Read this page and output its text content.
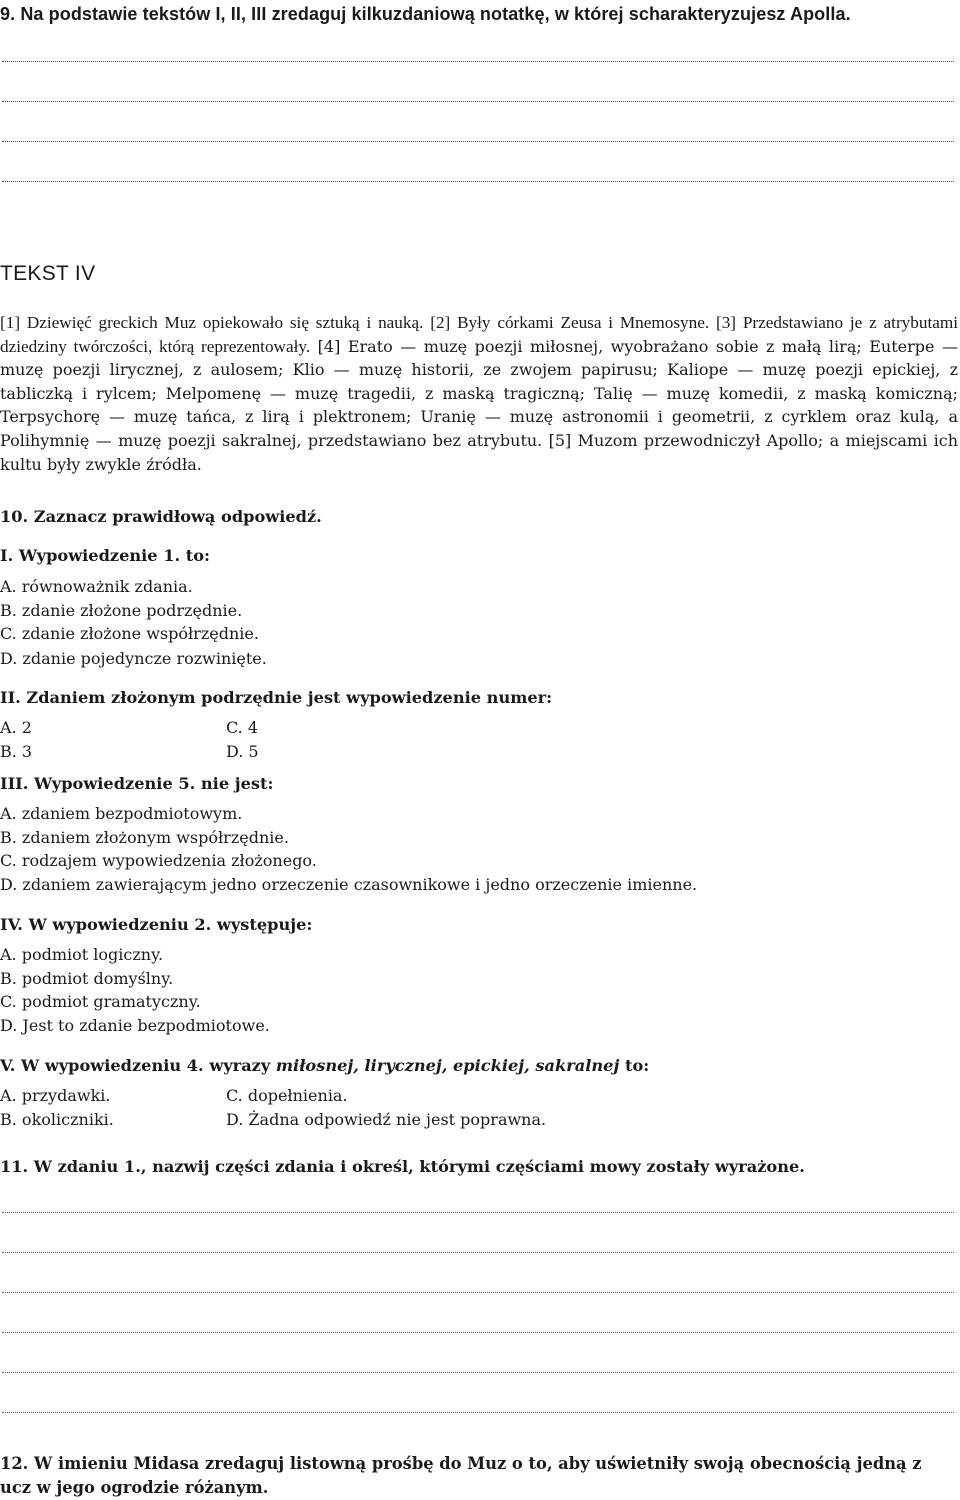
9. Na podstawie tekstów I, II, III zredaguj kilkuzdaniową notatkę, w której scharakteryzujesz Apolla.
TEKST IV
[1] Dziewięć greckich Muz opiekowało się sztuką i nauką. [2] Były córkami Zeusa i Mnemosyne. [3] Przedstawiano je z atrybutami dziedziny twórczości, którą reprezentowały. [4] Erato — muzę poezji miłosnej, wyobrażano sobie z małą lirą; Euterpe — muzę poezji lirycznej, z aulosem; Klio — muzę historii, ze zwojem papirusu; Kaliope — muzę poezji epickiej, z tabliczką i rylcem; Melpomenę — muzę tragedii, z maską tragiczną; Talię — muzę komedii, z maską komiczną; Terpsychorę — muzę tańca, z lirą i plektronem; Uranię — muzę astronomii i geometrii, z cyrklem oraz kulą, a Polihymnię — muzę poezji sakralnej, przedstawiano bez atrybutu. [5] Muzom przewodniczył Apollo; a miejscami ich kultu były zwykle źródła.
10. Zaznacz prawidłową odpowiedź.
I. Wypowiedzenie 1. to:
A. równoważnik zdania.
B. zdanie złożone podrzędnie.
C. zdanie złożone współrzędnie.
D. zdanie pojedyncze rozwinięte.
II. Zdaniem złożonym podrzędnie jest wypowiedzenie numer:
A. 2	C. 4
B. 3	D. 5
III. Wypowiedzenie 5. nie jest:
A. zdaniem bezpodmiotowym.
B. zdaniem złożonym współrzędnie.
C. rodzajem wypowiedzenia złożonego.
D. zdaniem zawierającym jedno orzeczenie czasownikowe i jedno orzeczenie imienne.
IV. W wypowiedzeniu 2. występuje:
A. podmiot logiczny.
B. podmiot domyślny.
C. podmiot gramatyczny.
D. Jest to zdanie bezpodmiotowe.
V. W wypowiedzeniu 4. wyrazy miłosnej, lirycznej, epickiej, sakralnej to:
A. przydawki.	C. dopełnienia.
B. okoliczniki.	D. Żadna odpowiedź nie jest poprawna.
11. W zdaniu 1., nazwij części zdania i określ, którymi częściami mowy zostały wyrażone.
12. W imieniu Midasa zredaguj listowną prośbę do Muz o to, aby uświetniły swoją obecnością jedną z ucz w jego ogrodzie różanym.
